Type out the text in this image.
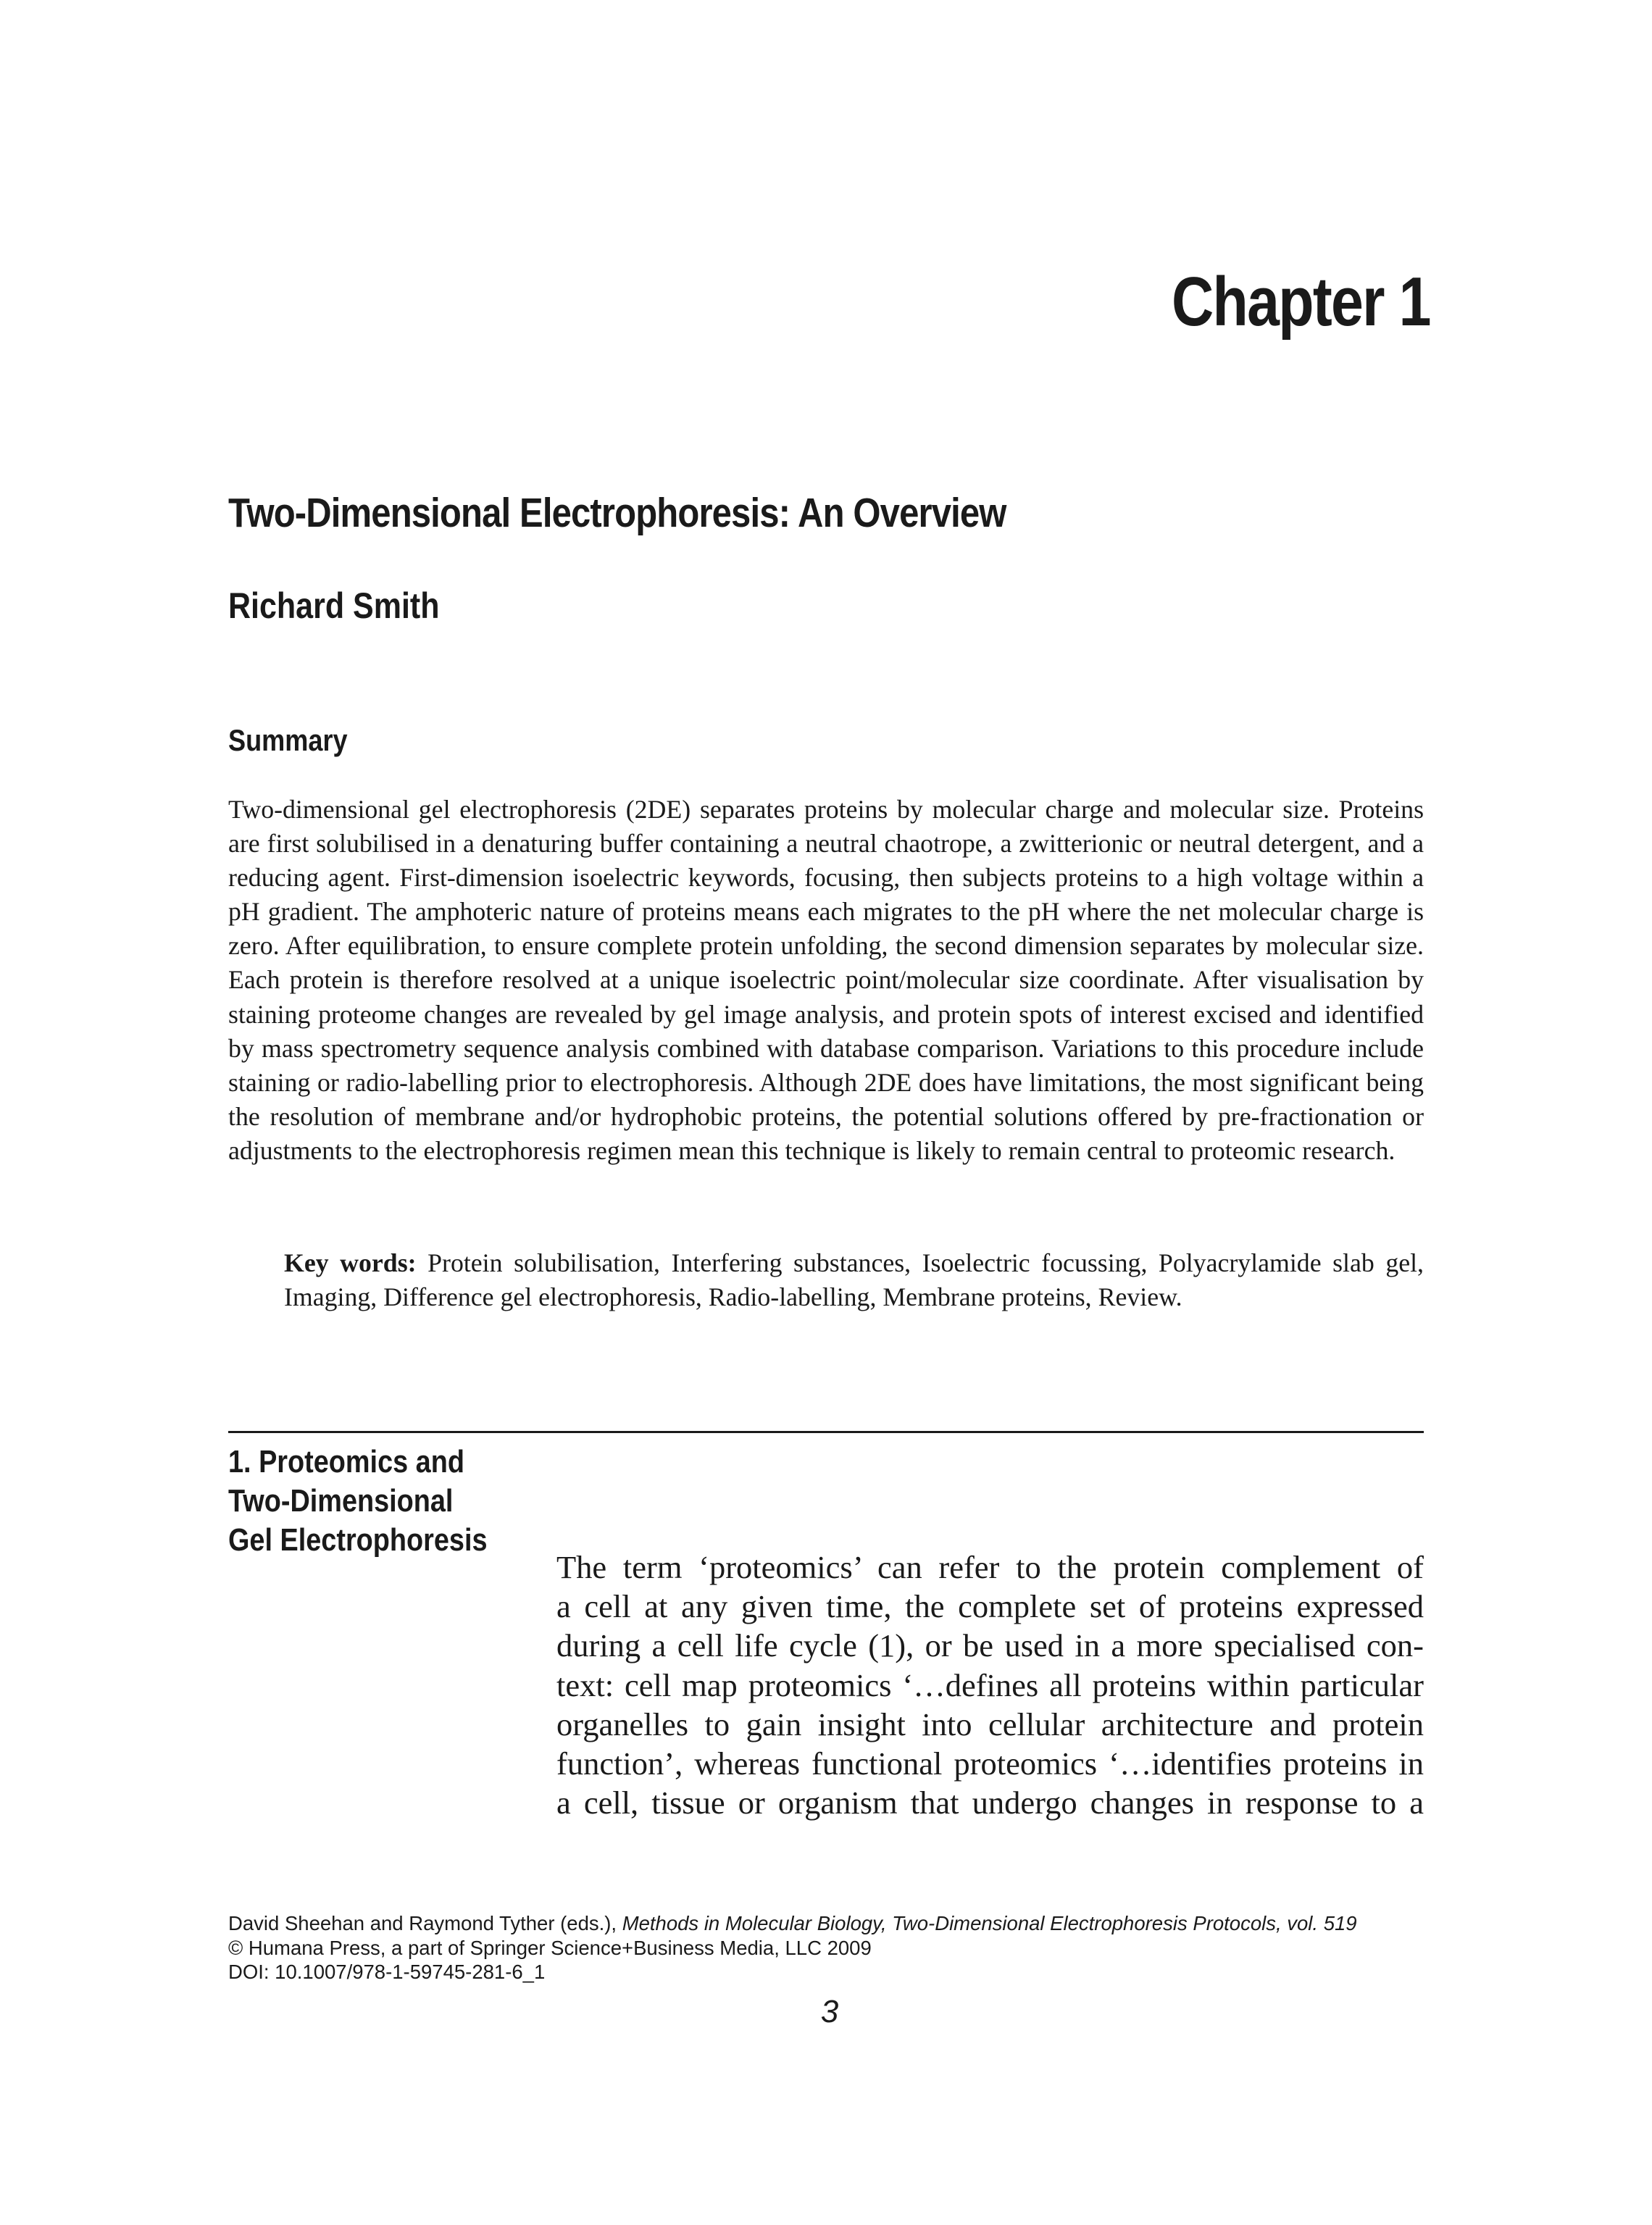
Chapter 1
Two-Dimensional Electrophoresis: An Overview
Richard Smith
Summary

Two-dimensional gel electrophoresis (2DE) separates proteins by molecular charge and molecular size. Proteins are first solubilised in a denaturing buffer containing a neutral chaotrope, a zwitterionic or neutral detergent, and a reducing agent. First-dimension isoelectric keywords, focusing, then subjects proteins to a high voltage within a pH gradient. The amphoteric nature of proteins means each migrates to the pH where the net molecular charge is zero. After equilibration, to ensure complete protein unfolding, the second dimension separates by molecular size. Each protein is therefore resolved at a unique isoelectric point/molecular size coordinate. After visualisation by staining proteome changes are revealed by gel image analysis, and protein spots of interest excised and identified by mass spectrometry sequence analysis combined with database comparison. Variations to this procedure include staining or radio-labelling prior to electrophoresis. Although 2DE does have limitations, the most significant being the resolution of membrane and/or hydrophobic proteins, the potential solutions offered by pre-fractionation or adjustments to the electrophoresis regimen mean this technique is likely to remain central to proteomic research.

Key words: Protein solubilisation, Interfering substances, Isoelectric focussing, Polyacrylamide slab gel, Imaging, Difference gel electrophoresis, Radio-labelling, Membrane proteins, Review.

1. Proteomics and
Two-Dimensional
Gel Electrophoresis
The term ‘proteomics’ can refer to the protein complement of
a cell at any given time, the complete set of proteins expressed
during a cell life cycle (1), or be used in a more specialised con-
text: cell map proteomics ‘…defines all proteins within particular
organelles to gain insight into cellular architecture and protein
function’, whereas functional proteomics ‘…identifies proteins in
a cell, tissue or organism that undergo changes in response to a
David Sheehan and Raymond Tyther (eds.), Methods in Molecular Biology, Two-Dimensional Electrophoresis Protocols, vol. 519
© Humana Press, a part of Springer Science+Business Media, LLC 2009
DOI: 10.1007/978-1-59745-281-6_1
3
